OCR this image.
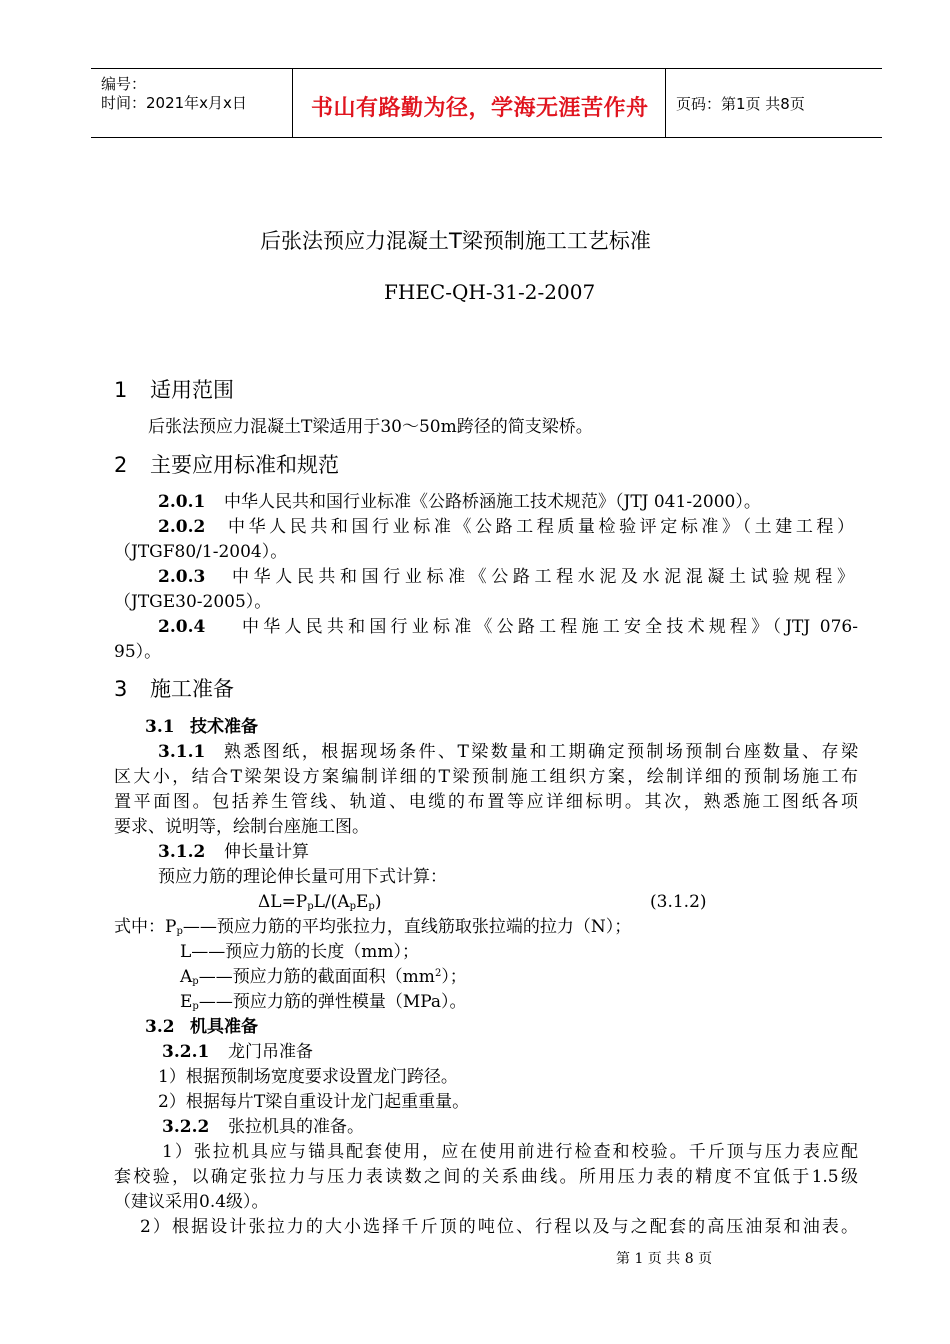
编号：
时间：2021年x月x日	书山有路勤为径，学海无涯苦作舟 页码：第1页 共8页
后张法预应力混凝土T梁预制施工工艺标准
FHEC-QH-31-2-2007
1 适用范围
后张法预应力混凝土T梁适用于30～50m跨径的简支梁桥。
2 主要应用标准和规范
2.0.1 中华人民共和国行业标准《公路桥涵施工技术规范》（JTJ 041-2000）。
2.0.2 中华人民共和国行业标准《公路工程质量检验评定标准》（土建工程）
（JTGF80/1-2004）。
2.0.3 中华人民共和国行业标准《公路工程水泥及水泥混凝土试验规程》
（JTGE30-2005）。
2.0.4 中华人民共和国行业标准《公路工程施工安全技术规程》（JTJ 076-
95）。
3 施工准备
3.1 技术准备
3.1.1 熟悉图纸，根据现场条件、T梁数量和工期确定预制场预制台座数量、存梁
区大小，结合T梁架设方案编制详细的T梁预制施工组织方案，绘制详细的预制场施工布
置平面图。包括养生管线、轨道、电缆的布置等应详细标明。其次，熟悉施工图纸各项
要求、说明等，绘制台座施工图。
3.1.2 伸长量计算
预应力筋的理论伸长量可用下式计算：
$\Delta L=P_pL/(A_pE_p)$	(3.1.2)
式中：$P_p——$预应力筋的平均张拉力，直线筋取张拉端的拉力（N）；
L——预应力筋的长度（mm）；
$A_p——$预应力筋的截面面积$(mm^2)$；
$E_p——$预应力筋的弹性模量（MPa）。
3.2 机具准备
3.2.1 龙门吊准备
1）根据预制场宽度要求设置龙门跨径。
2）根据每片T梁自重设计龙门起重重量。
3.2.2 张拉机具的准备。
1）张拉机具应与锚具配套使用，应在使用前进行检查和校验。千斤顶与压力表应配
套校验，以确定张拉力与压力表读数之间的关系曲线。所用压力表的精度不宜低于1.5级
（建议采用0.4级）。
2）根据设计张拉力的大小选择千斤顶的吨位、行程以及与之配套的高压油泵和油表。
第 1 页 共 8 页
